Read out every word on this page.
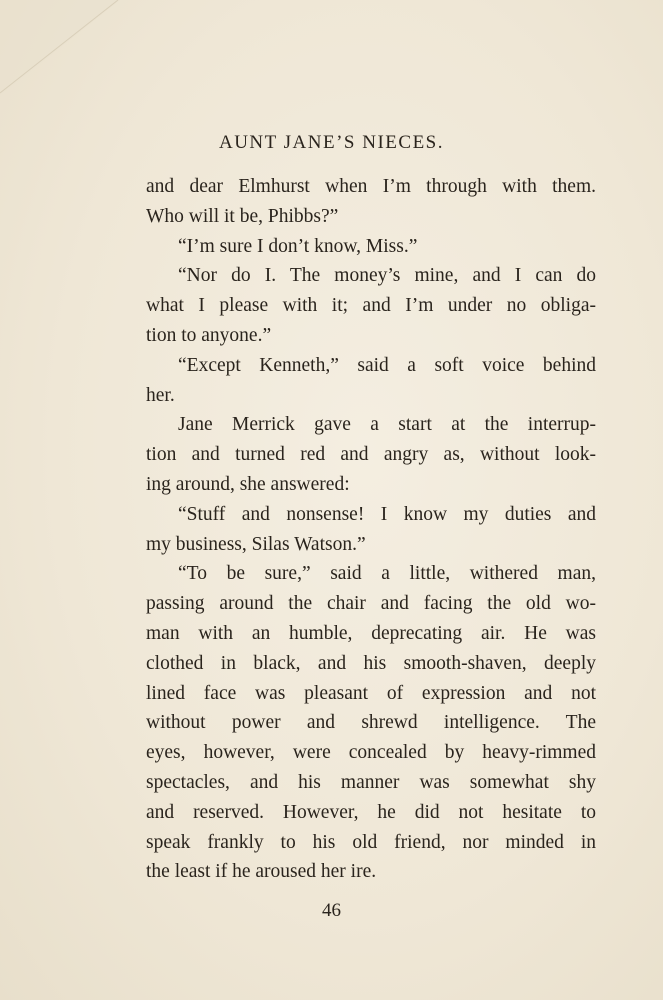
AUNT JANE’S NIECES.
and dear Elmhurst when I’m through with them.
Who will it be, Phibbs?”
“I’m sure I don’t know, Miss.”
“Nor do I. The money’s mine, and I can do
what I please with it; and I’m under no obliga-
tion to anyone.”
“Except Kenneth,” said a soft voice behind
her.
Jane Merrick gave a start at the interrup-
tion and turned red and angry as, without look-
ing around, she answered:
“Stuff and nonsense! I know my duties and
my business, Silas Watson.”
“To be sure,” said a little, withered man,
passing around the chair and facing the old wo-
man with an humble, deprecating air. He was
clothed in black, and his smooth-shaven, deeply
lined face was pleasant of expression and not
without power and shrewd intelligence. The
eyes, however, were concealed by heavy-rimmed
spectacles, and his manner was somewhat shy
and reserved. However, he did not hesitate to
speak frankly to his old friend, nor minded in
the least if he aroused her ire.
46
